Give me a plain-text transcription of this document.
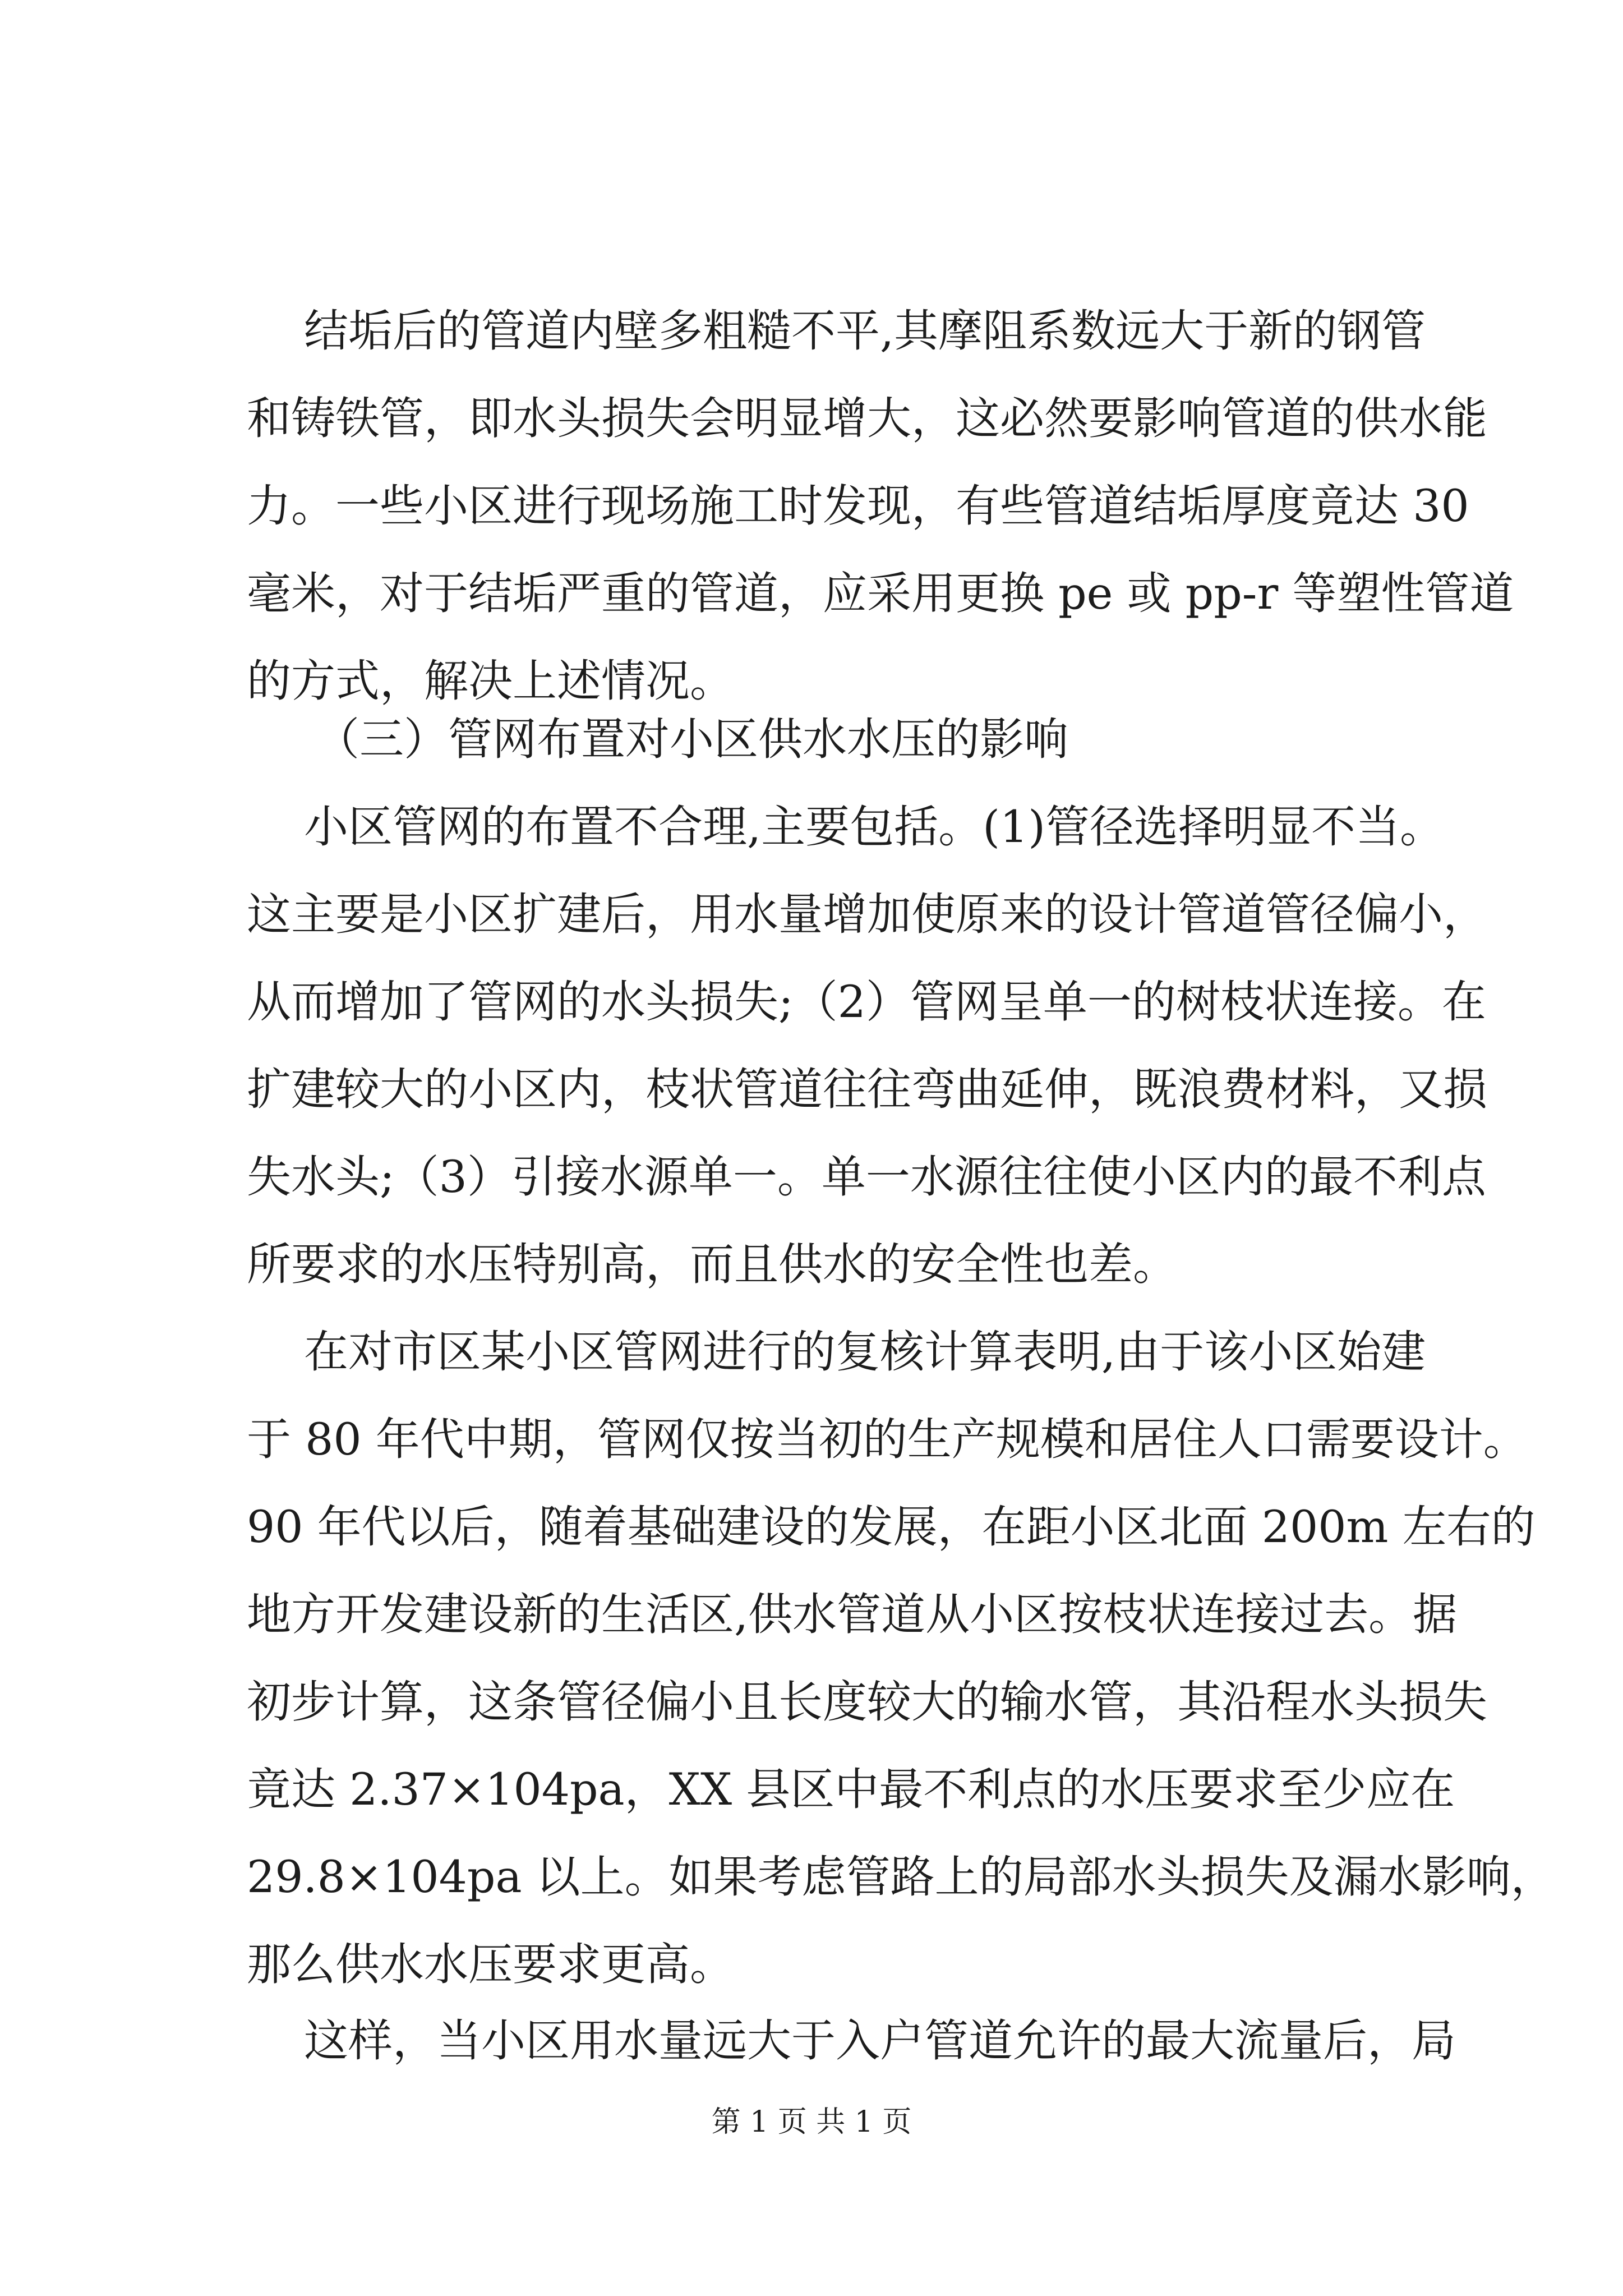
结垢后的管道内壁多粗糙不平,其摩阻系数远大于新的钢管
和铸铁管，即水头损失会明显增大，这必然要影响管道的供水能
力。一些小区进行现场施工时发现，有些管道结垢厚度竟达 30
毫米，对于结垢严重的管道，应采用更换 pe 或 pp-r 等塑性管道
的方式，解决上述情况。
（三）管网布置对小区供水水压的影响
小区管网的布置不合理,主要包括。(1)管径选择明显不当。
这主要是小区扩建后，用水量增加使原来的设计管道管径偏小，
从而增加了管网的水头损失;（2）管网呈单一的树枝状连接。在
扩建较大的小区内，枝状管道往往弯曲延伸，既浪费材料，又损
失水头;（3）引接水源单一。单一水源往往使小区内的最不利点
所要求的水压特别高，而且供水的安全性也差。
在对市区某小区管网进行的复核计算表明,由于该小区始建
于 80 年代中期，管网仅按当初的生产规模和居住人口需要设计。
90 年代以后，随着基础建设的发展，在距小区北面 200m 左右的
地方开发建设新的生活区,供水管道从小区按枝状连接过去。据
初步计算，这条管径偏小且长度较大的输水管，其沿程水头损失
竟达 2.37×104pa，XX 县区中最不利点的水压要求至少应在
29.8×104pa 以上。如果考虑管路上的局部水头损失及漏水影响，
那么供水水压要求更高。
这样，当小区用水量远大于入户管道允许的最大流量后，局
第 1 页 共 1 页
